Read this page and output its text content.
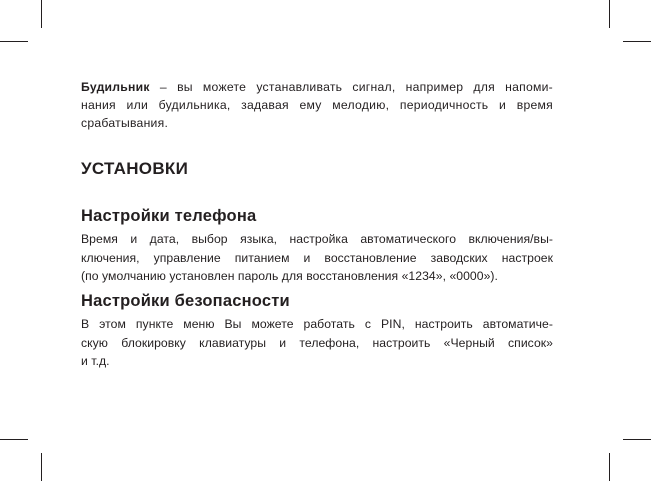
Будильник – вы можете устанавливать сигнал, например для напоми-
нания или будильника, задавая ему мелодию, периодичность и время
срабатывания.

УСТАНОВКИ
Настройки телефона

Время и дата, выбор языка, настройка автоматического включения/вы-
ключения, управление питанием и восстановление заводских настроек
(по умолчанию установлен пароль для восстановления «1234», «0000»).

Настройки безопасности

В этом пункте меню Вы можете работать с PIN, настроить автоматиче-
скую блокировку клавиатуры и телефона, настроить «Черный список»
и т.д.
